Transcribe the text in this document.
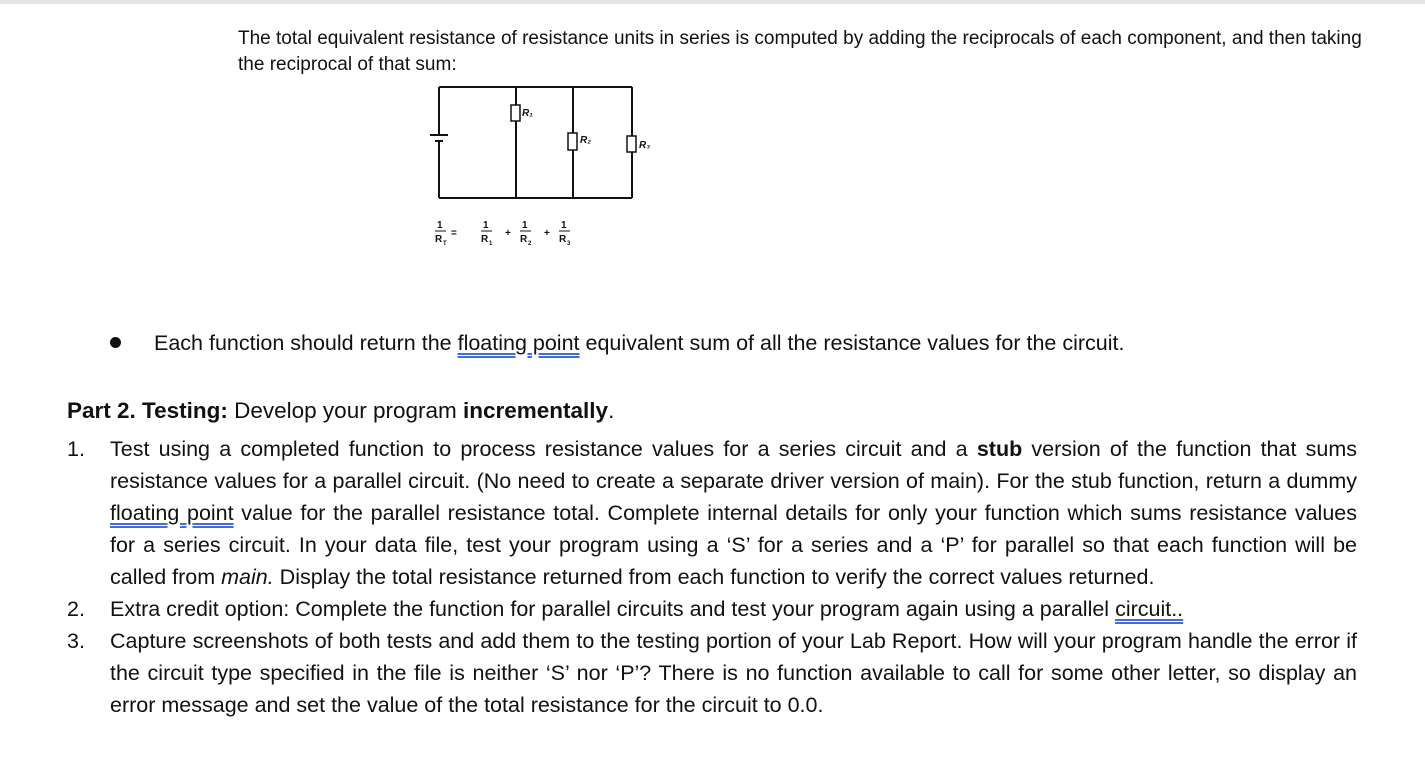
The total equivalent resistance of resistance units in series is computed by adding the reciprocals of each component, and then taking the reciprocal of that sum:

R₁
R₂	R₃
1
R T
=
1
R 1
+
1
R 2
+
1
R 3
Each function should return the floating point equivalent sum of all the resistance values for the circuit.
Part 2. Testing: Develop your program incrementally.
1. Test using a completed function to process resistance values for a series circuit and a stub version of the function that sums resistance values for a parallel circuit. (No need to create a separate driver version of main). For the stub function, return a dummy floating point value for the parallel resistance total. Complete internal details for only your function which sums resistance values for a series circuit. In your data file, test your program using a ‘S’ for a series and a ‘P’ for parallel so that each function will be called from main. Display the total resistance returned from each function to verify the correct values returned.
2. Extra credit option: Complete the function for parallel circuits and test your program again using a parallel circuit..
3. Capture screenshots of both tests and add them to the testing portion of your Lab Report. How will your program handle the error if the circuit type specified in the file is neither ‘S’ nor ‘P’? There is no function available to call for some other letter, so display an error message and set the value of the total resistance for the circuit to 0.0.
